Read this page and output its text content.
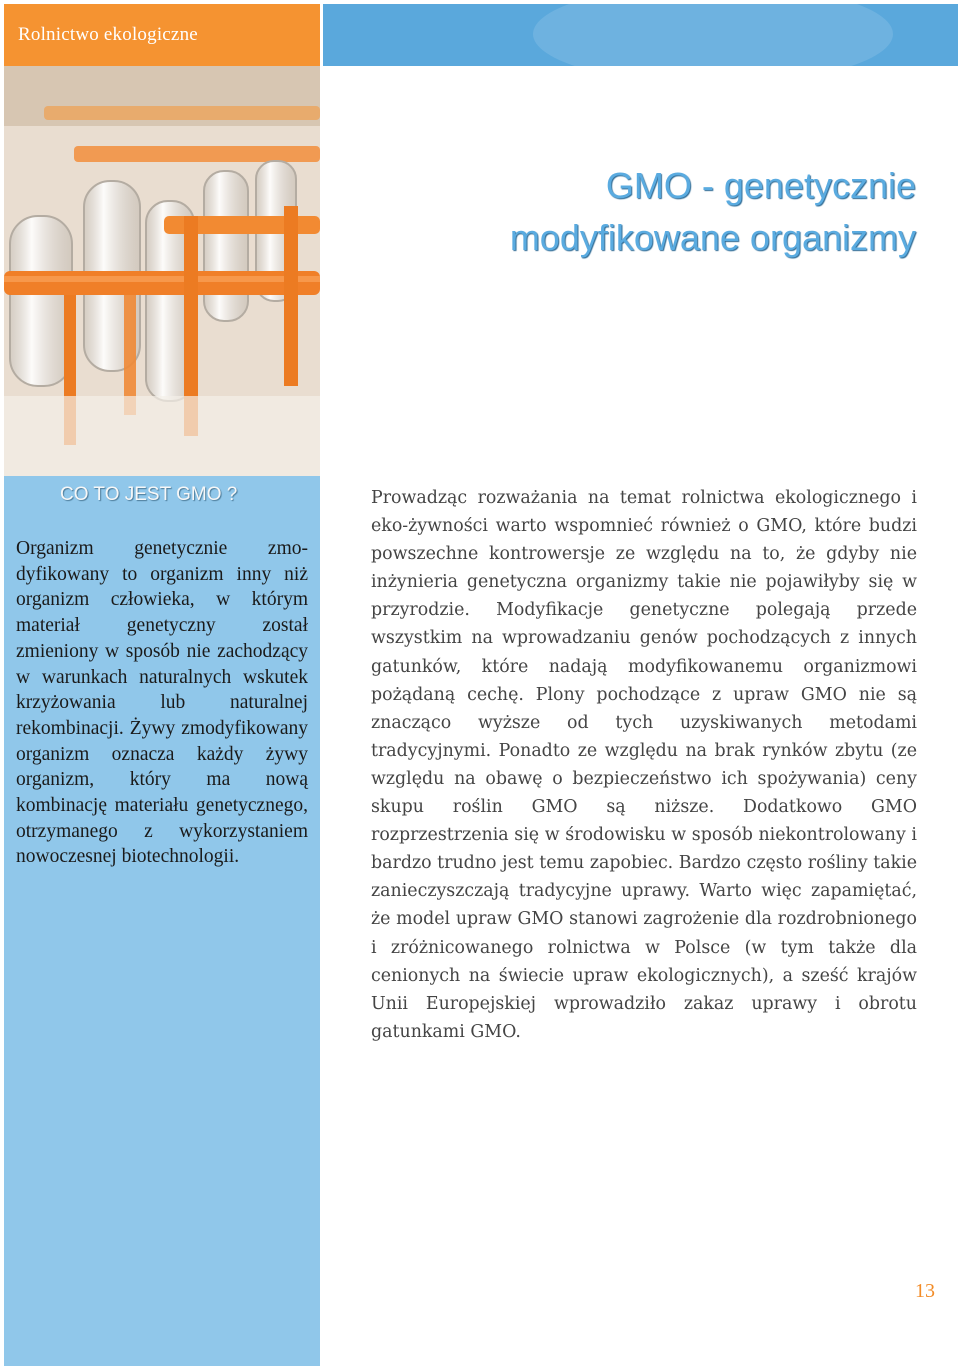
Rolnictwo ekologiczne
CO TO JEST GMO ?

Organizm genetycznie zmo-dyfikowany to organizm inny niż organizm człowieka, w którym materiał genetyczny został zmieniony w sposób nie zachodzący w warunkach naturalnych wskutek krzyżowania lub naturalnej rekombinacji. Żywy zmodyfikowany organizm oznacza każdy żywy organizm, który ma nową kombinację materiału genetycznego, otrzymanego z wykorzystaniem nowoczesnej biotechnologii.

GMO - genetycznie
modyfikowane organizmy

Prowadząc rozważania na temat rolnictwa ekologicznego i eko-żywności warto wspomnieć również o GMO, które budzi powszechne kontrowersje ze względu na to, że gdyby nie inżynieria genetyczna organizmy takie nie pojawiłyby się w przyrodzie. Modyfikacje genetyczne polegają przede wszystkim na wprowadzaniu genów pochodzących z innych gatunków, które nadają modyfikowanemu organizmowi pożądaną cechę. Plony pochodzące z upraw GMO nie są znacząco wyższe od tych uzyskiwanych metodami tradycyjnymi. Ponadto ze względu na brak rynków zbytu (ze względu na obawę o bezpieczeństwo ich spożywania) ceny skupu roślin GMO są niższe. Dodatkowo GMO rozprzestrzenia się w środowisku w sposób niekontrolowany i bardzo trudno jest temu zapobiec. Bardzo często rośliny takie zanieczyszczają tradycyjne uprawy. Warto więc zapamiętać, że model upraw GMO stanowi zagrożenie dla rozdrobnionego i zróżnicowanego rolnictwa w Polsce (w tym także dla cenionych na świecie upraw ekologicznych), a sześć krajów Unii Europejskiej wprowadziło zakaz uprawy i obrotu gatunkami GMO.

13
